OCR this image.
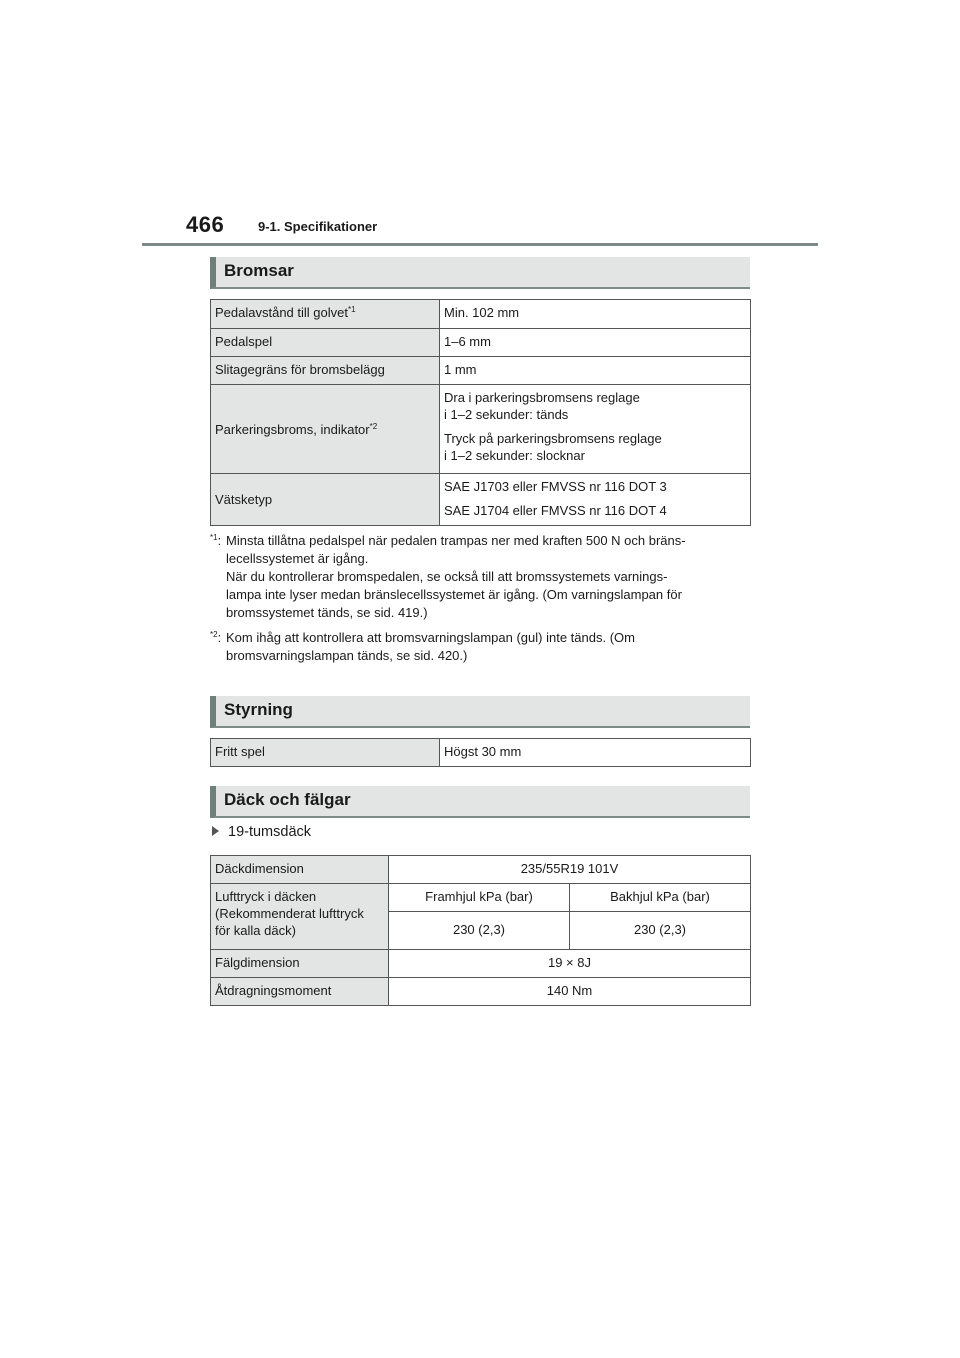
466	9-1. Specifikationer
Bromsar
Pedalavstånd till golvet$^{*1}$	Min. 102 mm
Pedalspel	1–6 mm
Slitagegräns för bromsbelägg	1 mm
Parkeringsbroms, indikator$^{*2}$	Dra i parkeringsbromsens reglage
i 1–2 sekunder: tänds

Tryck på parkeringsbromsens reglage
i 1–2 sekunder: slocknar

Vätsketyp	SAE J1703 eller FMVSS nr 116 DOT 3

SAE J1704 eller FMVSS nr 116 DOT 4

$^{*1}$: Minsta tillåtna pedalspel när pedalen trampas ner med kraften 500 N och bräns-
lecellssystemet är igång.
När du kontrollerar bromspedalen, se också till att bromssystemets varnings-
lampa inte lyser medan bränslecellssystemet är igång. (Om varningslampan för
bromssystemet tänds, se sid. 419.)
$^{*2}$: Kom ihåg att kontrollera att bromsvarningslampan (gul) inte tänds. (Om
bromsvarningslampan tänds, se sid. 420.)
Styrning
Fritt spel	Högst 30 mm
Däck och fälgar
19-tumsdäck
Däckdimension	235/55R19 101V	
Lufttryck i däcken
(Rekommenderat lufttryck
för kalla däck)	Framhjul kPa (bar)	Bakhjul kPa (bar)
	230 (2,3)	230 (2,3)
Fälgdimension	19 × 8J	
Åtdragningsmoment	140 Nm	
